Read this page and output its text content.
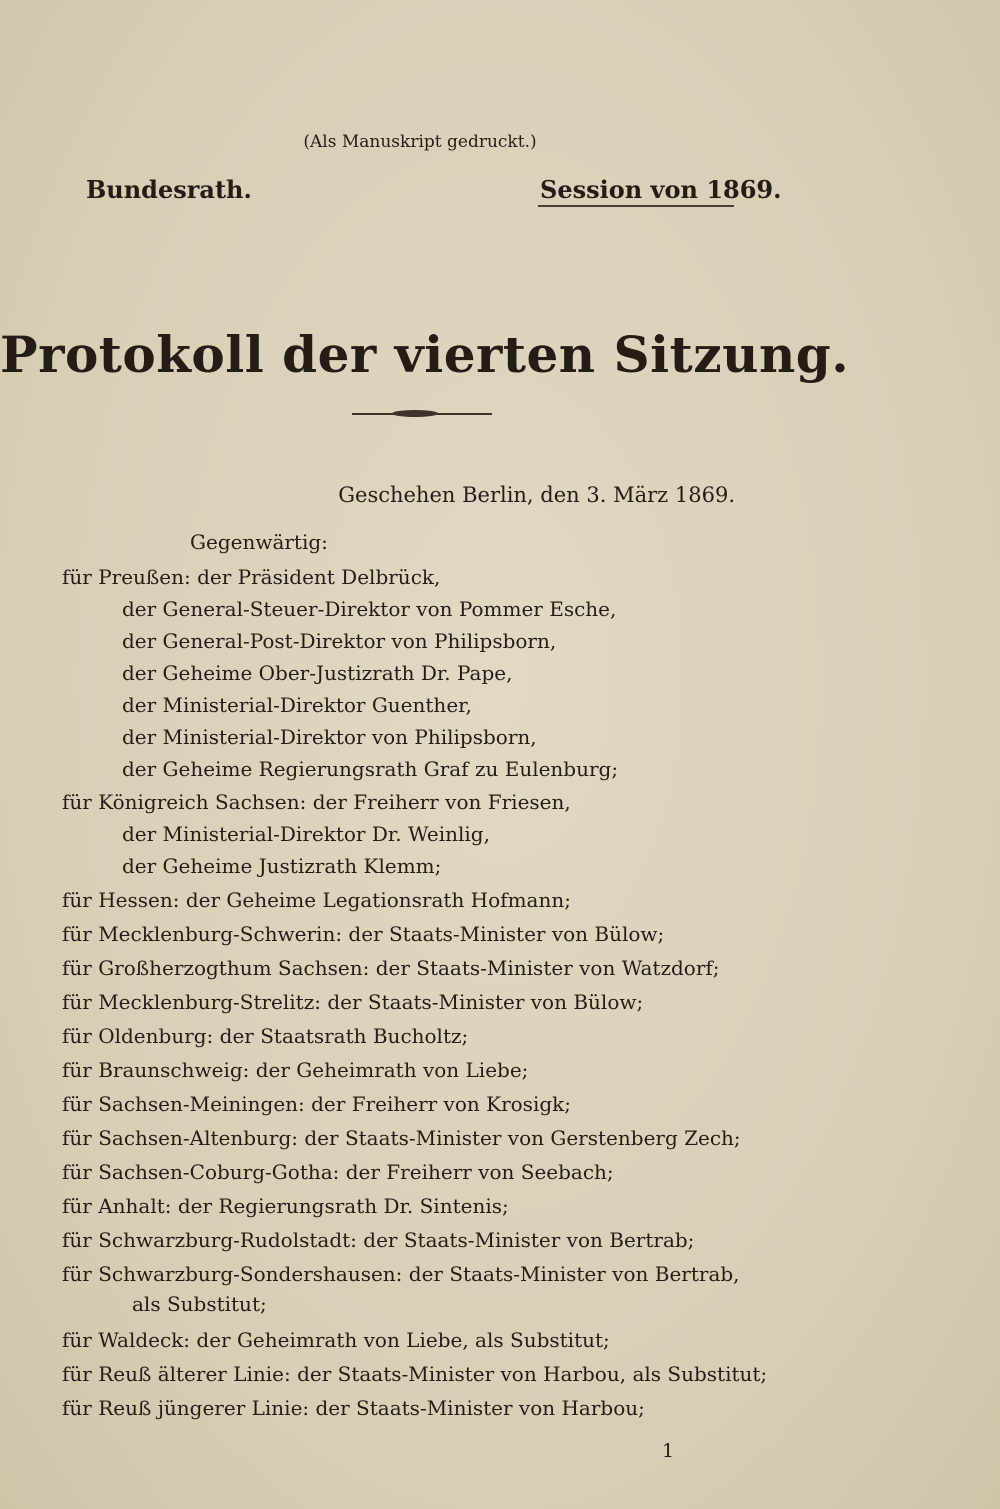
(Als Manuskript gedruckt.)
Bundesrath.	Session von 1869.
Protokoll der vierten Sitzung.
Geschehen Berlin, den 3. März 1869.
Gegenwärtig:
für Preußen: der Präsident Delbrück,
der General-Steuer-Direktor von Pommer Esche,
der General-Post-Direktor von Philipsborn,
der Geheime Ober-Justizrath Dr. Pape,
der Ministerial-Direktor Guenther,
der Ministerial-Direktor von Philipsborn,
der Geheime Regierungsrath Graf zu Eulenburg;
für Königreich Sachsen: der Freiherr von Friesen,
der Ministerial-Direktor Dr. Weinlig,
der Geheime Justizrath Klemm;
für Hessen: der Geheime Legationsrath Hofmann;
für Mecklenburg-Schwerin: der Staats-Minister von Bülow;
für Großherzogthum Sachsen: der Staats-Minister von Watzdorf;
für Mecklenburg-Strelitz: der Staats-Minister von Bülow;
für Oldenburg: der Staatsrath Bucholtz;
für Braunschweig: der Geheimrath von Liebe;
für Sachsen-Meiningen: der Freiherr von Krosigk;
für Sachsen-Altenburg: der Staats-Minister von Gerstenberg Zech;
für Sachsen-Coburg-Gotha: der Freiherr von Seebach;
für Anhalt: der Regierungsrath Dr. Sintenis;
für Schwarzburg-Rudolstadt: der Staats-Minister von Bertrab;
für Schwarzburg-Sondershausen: der Staats-Minister von Bertrab,
als Substitut;
für Waldeck: der Geheimrath von Liebe, als Substitut;
für Reuß älterer Linie: der Staats-Minister von Harbou, als Substitut;
für Reuß jüngerer Linie: der Staats-Minister von Harbou;
1
